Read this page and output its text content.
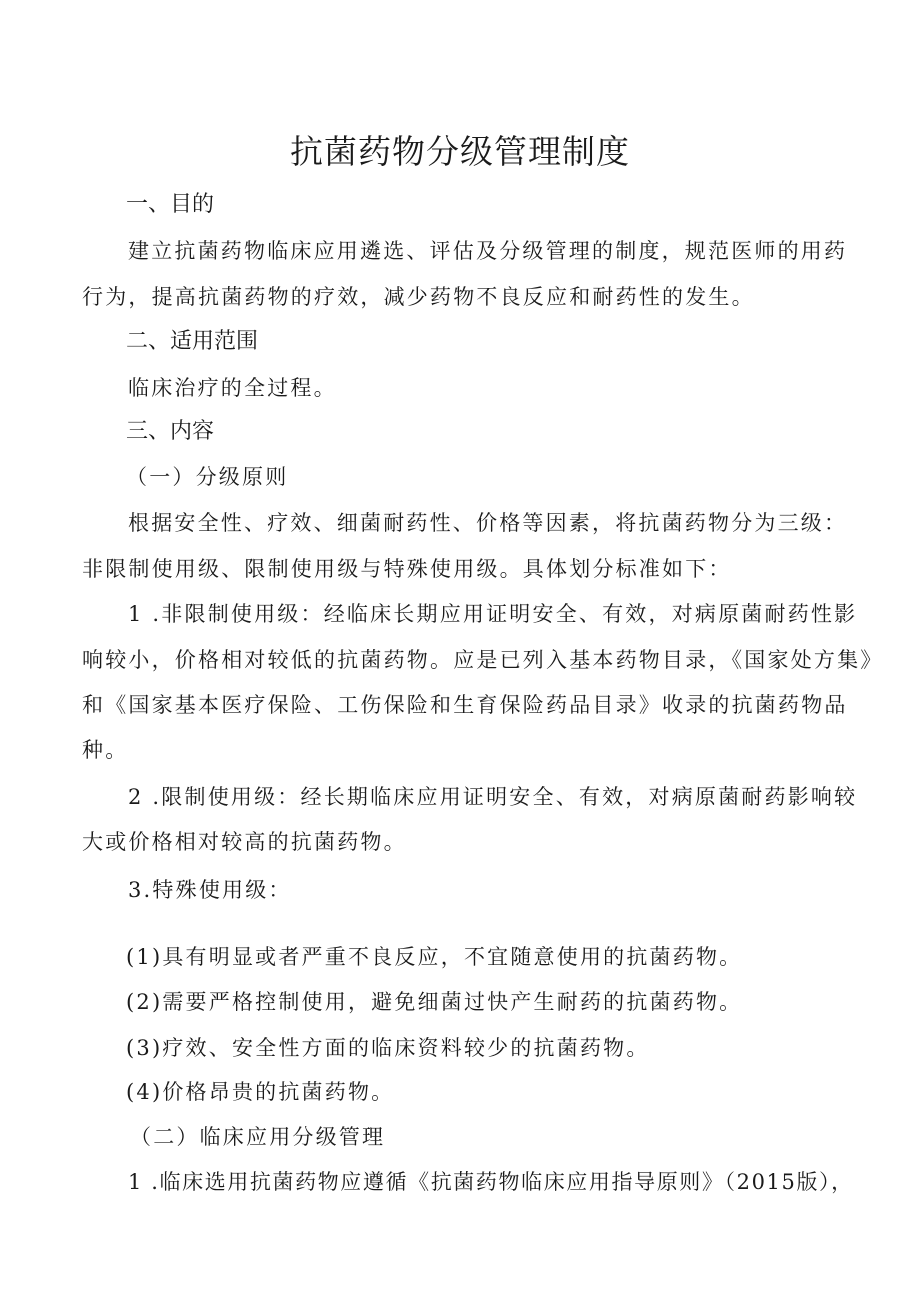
抗菌药物分级管理制度
一、目的
建立抗菌药物临床应用遴选、评估及分级管理的制度，规范医师的用药
行为，提高抗菌药物的疗效，减少药物不良反应和耐药性的发生。
二、适用范围
临床治疗的全过程。
三、内容
（一）分级原则
根据安全性、疗效、细菌耐药性、价格等因素，将抗菌药物分为三级：
非限制使用级、限制使用级与特殊使用级。具体划分标准如下：
1 .非限制使用级：经临床长期应用证明安全、有效，对病原菌耐药性影
响较小，价格相对较低的抗菌药物。应是已列入基本药物目录，《国家处方集》
和《国家基本医疗保险、工伤保险和生育保险药品目录》收录的抗菌药物品
种。
2 .限制使用级：经长期临床应用证明安全、有效，对病原菌耐药影响较
大或价格相对较高的抗菌药物。
3.特殊使用级：
(1)具有明显或者严重不良反应，不宜随意使用的抗菌药物。
(2)需要严格控制使用，避免细菌过快产生耐药的抗菌药物。
(3)疗效、安全性方面的临床资料较少的抗菌药物。
(4)价格昂贵的抗菌药物。
（二）临床应用分级管理
1 .临床选用抗菌药物应遵循《抗菌药物临床应用指导原则》（2015版），
